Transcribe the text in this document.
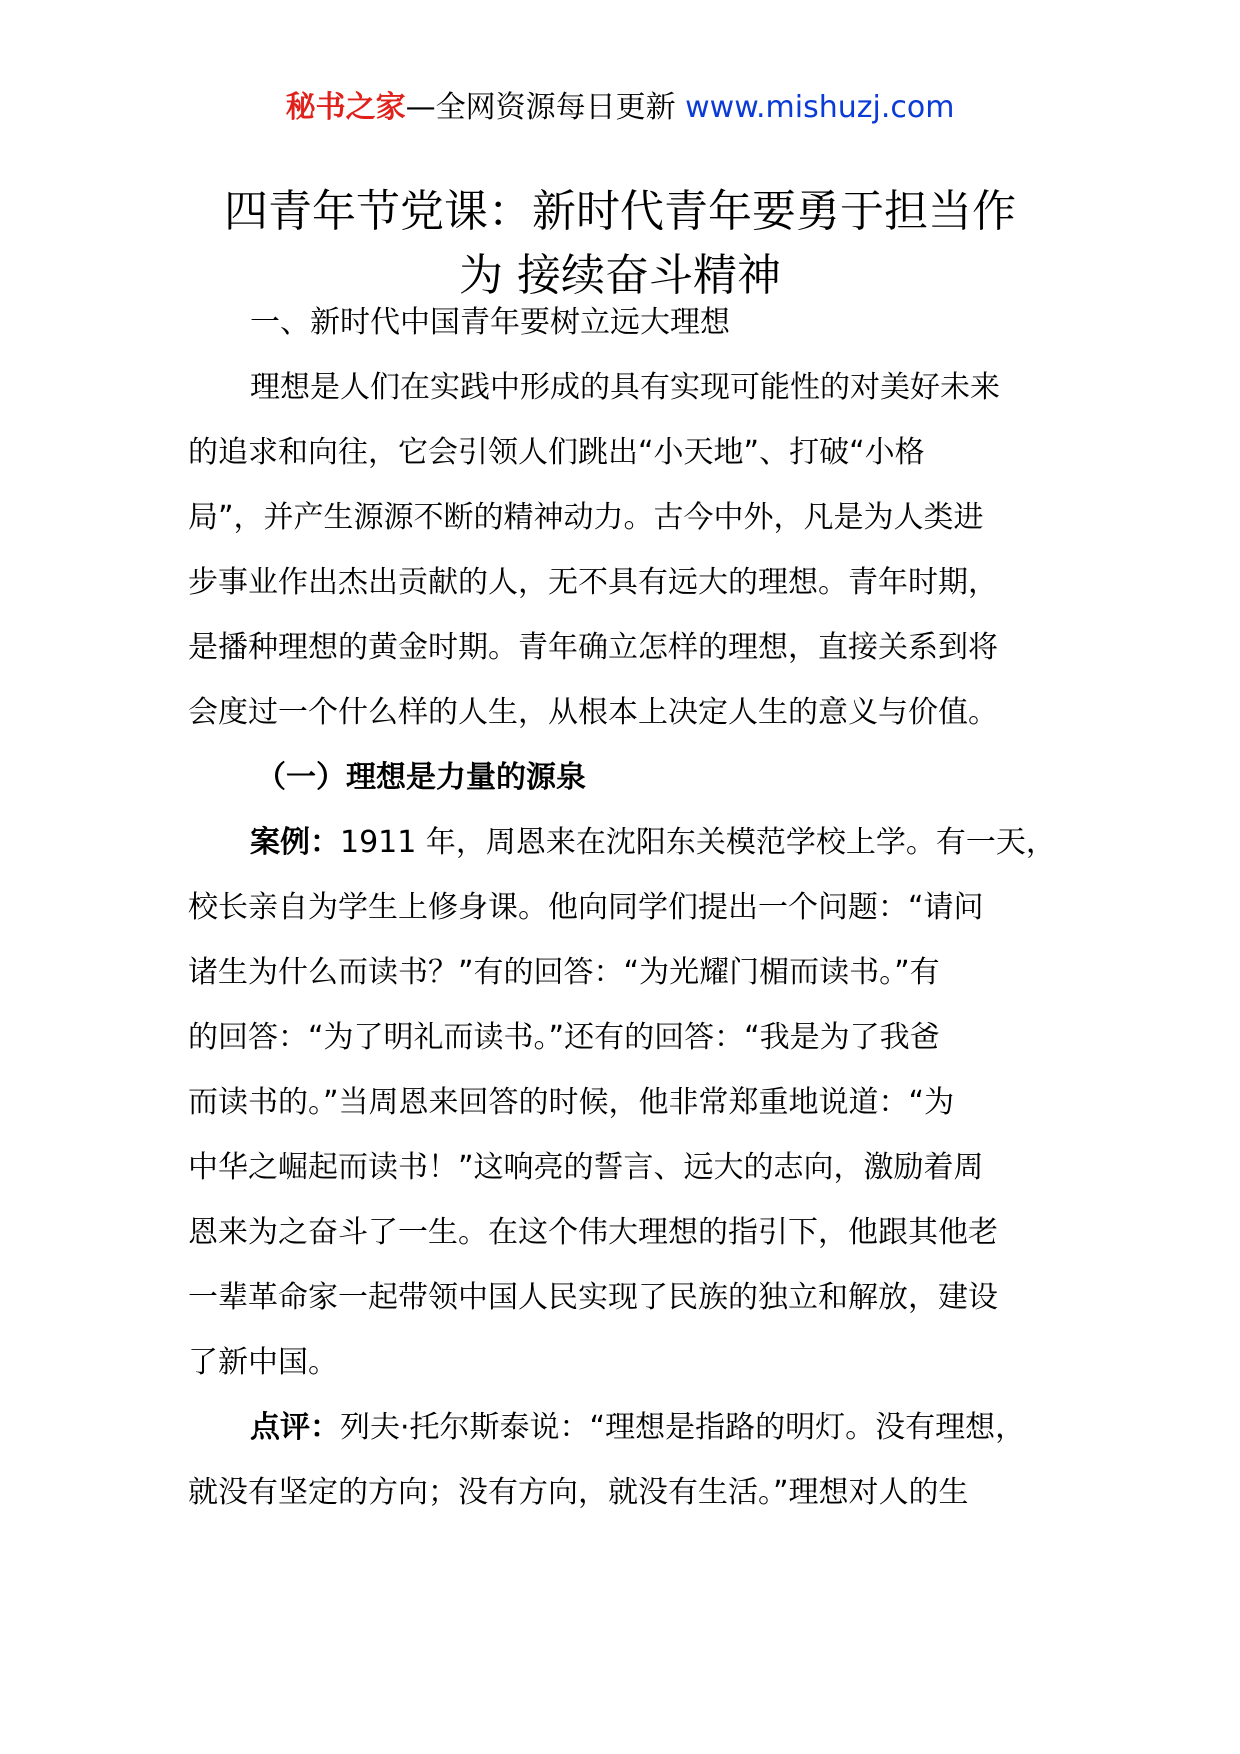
秘书之家—全网资源每日更新 www.mishuzj.com
四青年节党课：新时代青年要勇于担当作
为 接续奋斗精神
一、新时代中国青年要树立远大理想
理想是人们在实践中形成的具有实现可能性的对美好未来
的追求和向往，它会引领人们跳出“小天地”、打破“小格
局”，并产生源源不断的精神动力。古今中外，凡是为人类进
步事业作出杰出贡献的人，无不具有远大的理想。青年时期，
是播种理想的黄金时期。青年确立怎样的理想，直接关系到将
会度过一个什么样的人生，从根本上决定人生的意义与价值。
（一）理想是力量的源泉
案例：1911 年，周恩来在沈阳东关模范学校上学。有一天，
校长亲自为学生上修身课。他向同学们提出一个问题：“请问
诸生为什么而读书？”有的回答：“为光耀门楣而读书。”有
的回答：“为了明礼而读书。”还有的回答：“我是为了我爸
而读书的。”当周恩来回答的时候，他非常郑重地说道：“为
中华之崛起而读书！”这响亮的誓言、远大的志向，激励着周
恩来为之奋斗了一生。在这个伟大理想的指引下，他跟其他老
一辈革命家一起带领中国人民实现了民族的独立和解放，建设
了新中国。
点评：列夫·托尔斯泰说：“理想是指路的明灯。没有理想，
就没有坚定的方向；没有方向，就没有生活。”理想对人的生
